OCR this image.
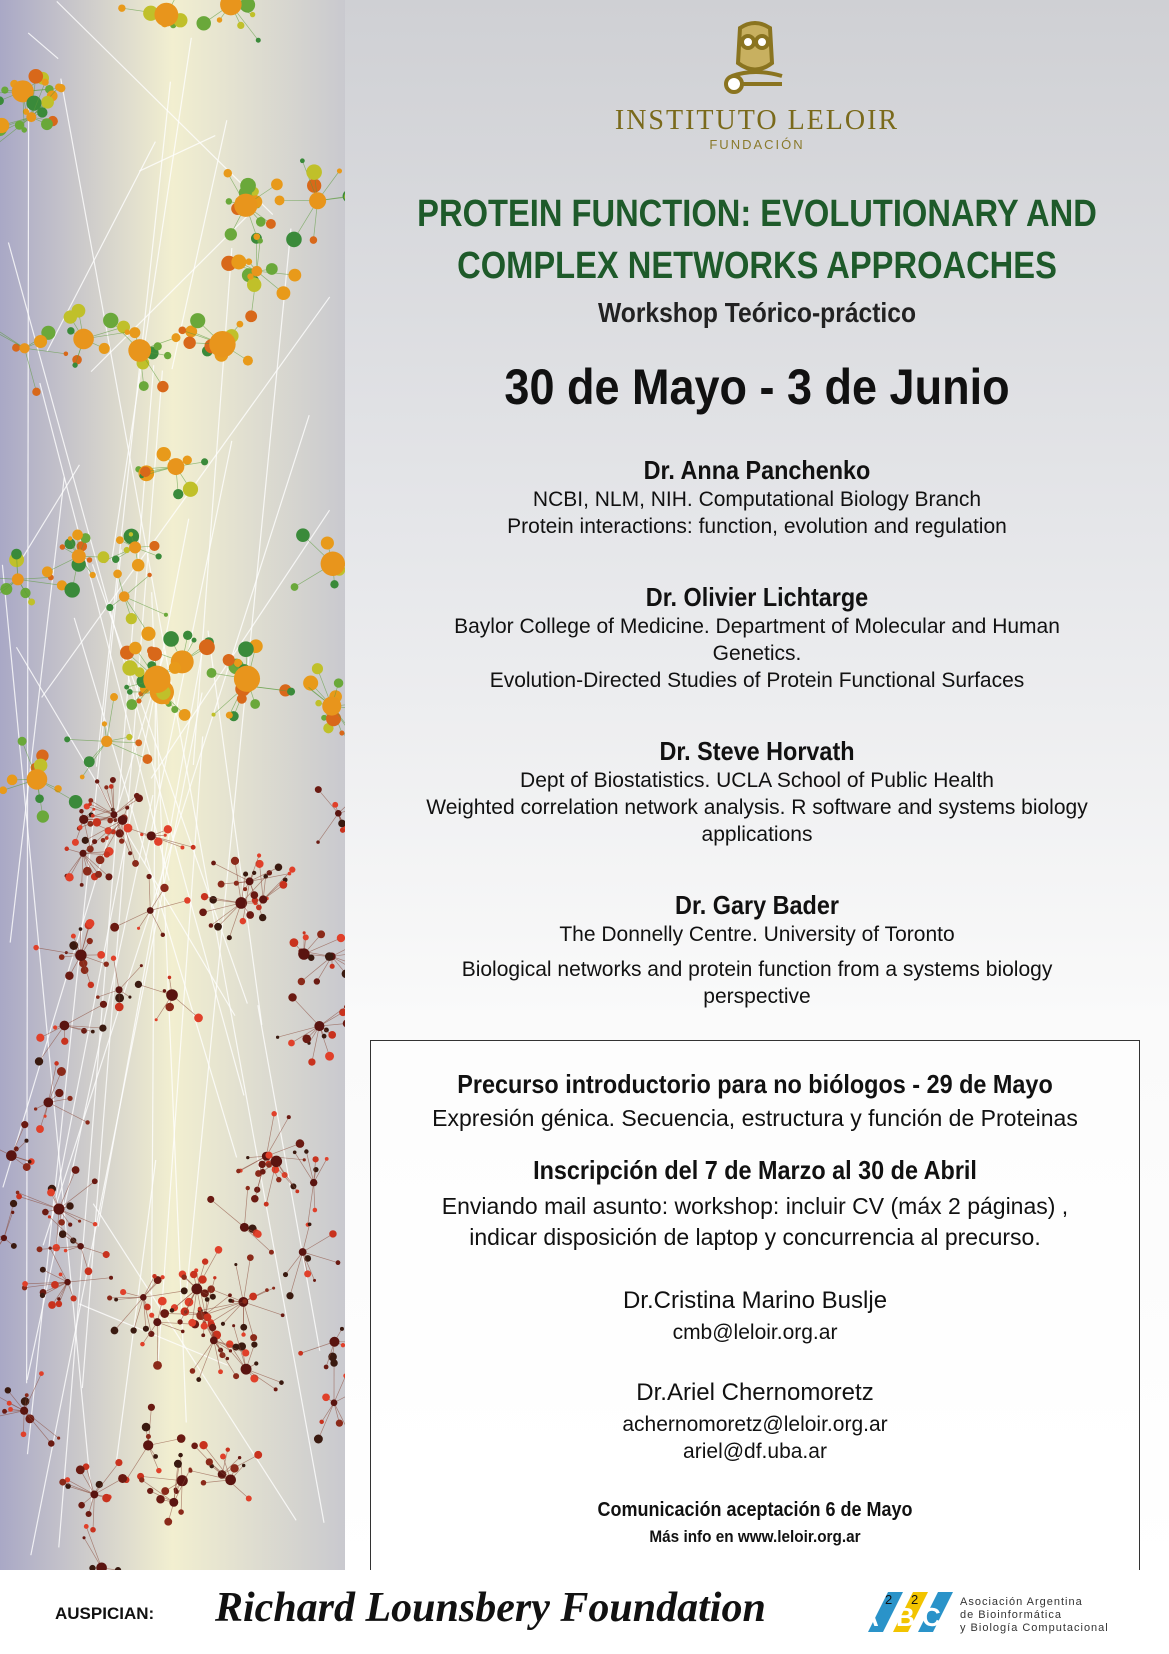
INSTITUTO LELOIR
FUNDACIÓN
PROTEIN FUNCTION: EVOLUTIONARY AND
COMPLEX NETWORKS APPROACHES
Workshop Teórico-práctico
30 de Mayo - 3 de Junio
Dr. Anna Panchenko
NCBI, NLM, NIH. Computational Biology Branch
Protein interactions: function, evolution and regulation
Dr. Olivier Lichtarge
Baylor College of Medicine. Department of Molecular and Human
Genetics.
Evolution-Directed Studies of Protein Functional Surfaces
Dr. Steve Horvath
Dept of Biostatistics. UCLA School of Public Health
Weighted correlation network analysis. R software and systems biology
applications
Dr. Gary Bader
The Donnelly Centre. University of Toronto
Biological networks and protein function from a systems biology
perspective
Precurso introductorio para no biólogos - 29 de Mayo
Expresión génica. Secuencia, estructura y función de Proteinas
Inscripción del 7 de Marzo al 30 de Abril
Enviando mail asunto: workshop: incluir CV (máx 2 páginas) ,
indicar disposición de laptop y concurrencia al precurso.
Dr.Cristina Marino Buslje
cmb@leloir.org.ar
Dr.Ariel Chernomoretz
achernomoretz@leloir.org.ar
ariel@df.uba.ar
Comunicación aceptación 6 de Mayo
Más info en www.leloir.org.ar
AUSPICIAN: Richard Lounsbery Foundation	A
2
B
2
C Asociación Argentina
de Bioinformática
y Biología Computacional
